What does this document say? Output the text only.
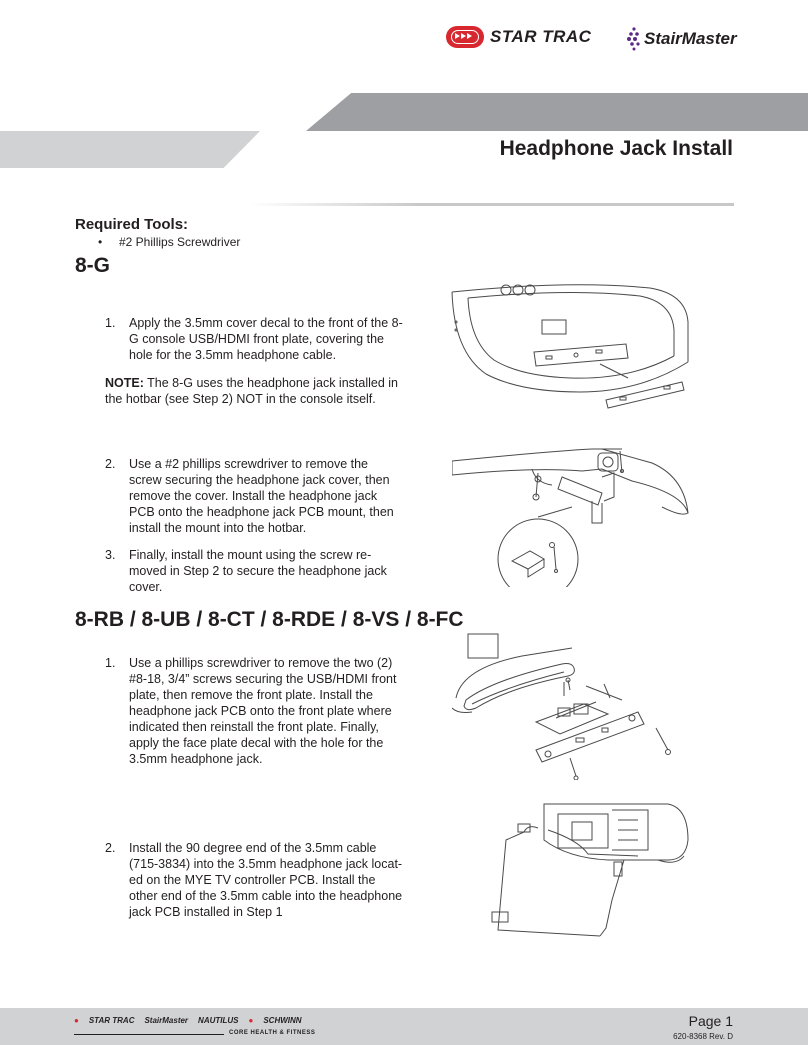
STAR TRAC	StairMaster
Headphone Jack Install
Required Tools:
• #2 Phillips Screwdriver
8-G
1. Apply the 3.5mm cover decal to the front of the 8-G console USB/HDMI front plate, covering the hole for the 3.5mm headphone cable.
NOTE: The 8-G uses the headphone jack installed in the hotbar (see Step 2) NOT in the console itself.
2. Use a #2 phillips screwdriver to remove the screw securing the headphone jack cover, then remove the cover. Install the headphone jack PCB onto the headphone jack PCB mount, then install the mount into the hotbar.
3. Finally, install the mount using the screw re-moved in Step 2 to secure the headphone jack cover.
8-RB / 8-UB / 8-CT / 8-RDE / 8-VS / 8-FC
1. Use a phillips screwdriver to remove the two (2) #8-18, 3/4” screws securing the USB/HDMI front plate, then remove the front plate. Install the headphone jack PCB onto the front plate where indicated then reinstall the front plate. Finally, apply the face plate decal with the hole for the 3.5mm headphone jack.
2. Install the 90 degree end of the 3.5mm cable (715-3834) into the 3.5mm headphone jack locat-ed on the MYE TV controller PCB. Install the other end of the 3.5mm cable into the headphone jack PCB installed in Step 1
● STAR TRAC StairMaster NAUTILUS ● SCHWINN
CORE HEALTH & FITNESS
Page 1
620-8368 Rev. D
